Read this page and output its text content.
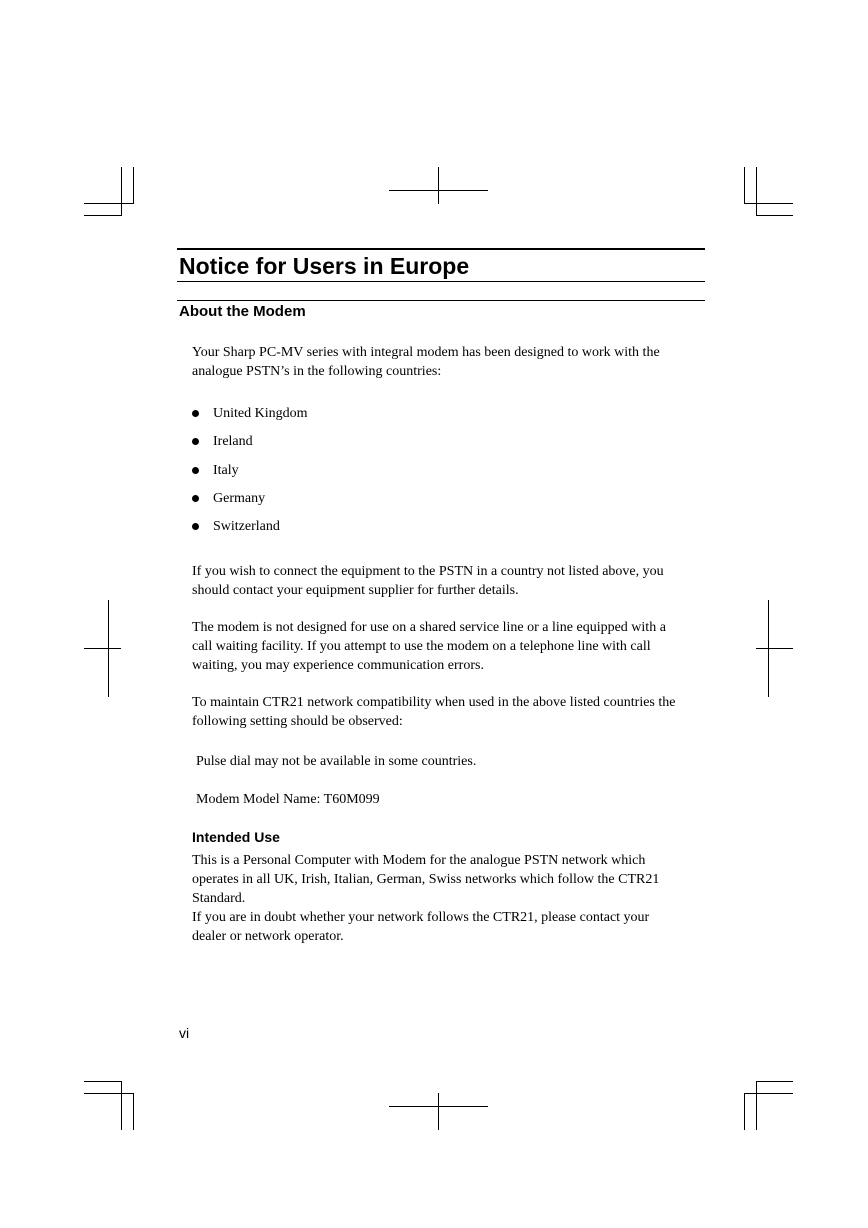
Notice for Users in Europe
About the Modem

Your Sharp PC-MV series with integral modem has been designed to work with the
analogue PSTN’s in the following countries:

United Kingdom
Ireland
Italy
Germany
Switzerland

If you wish to connect the equipment to the PSTN in a country not listed above, you
should contact your equipment supplier for further details.

The modem is not designed for use on a shared service line or a line equipped with a
call waiting facility. If you attempt to use the modem on a telephone line with call
waiting, you may experience communication errors.

To maintain CTR21 network compatibility when used in the above listed countries the
following setting should be observed:

Pulse dial may not be available in some countries.

Modem Model Name: T60M099

Intended Use

This is a Personal Computer with Modem for the analogue PSTN network which
operates in all UK, Irish, Italian, German, Swiss networks which follow the CTR21
Standard.
If you are in doubt whether your network follows the CTR21, please contact your
dealer or network operator.

vi
